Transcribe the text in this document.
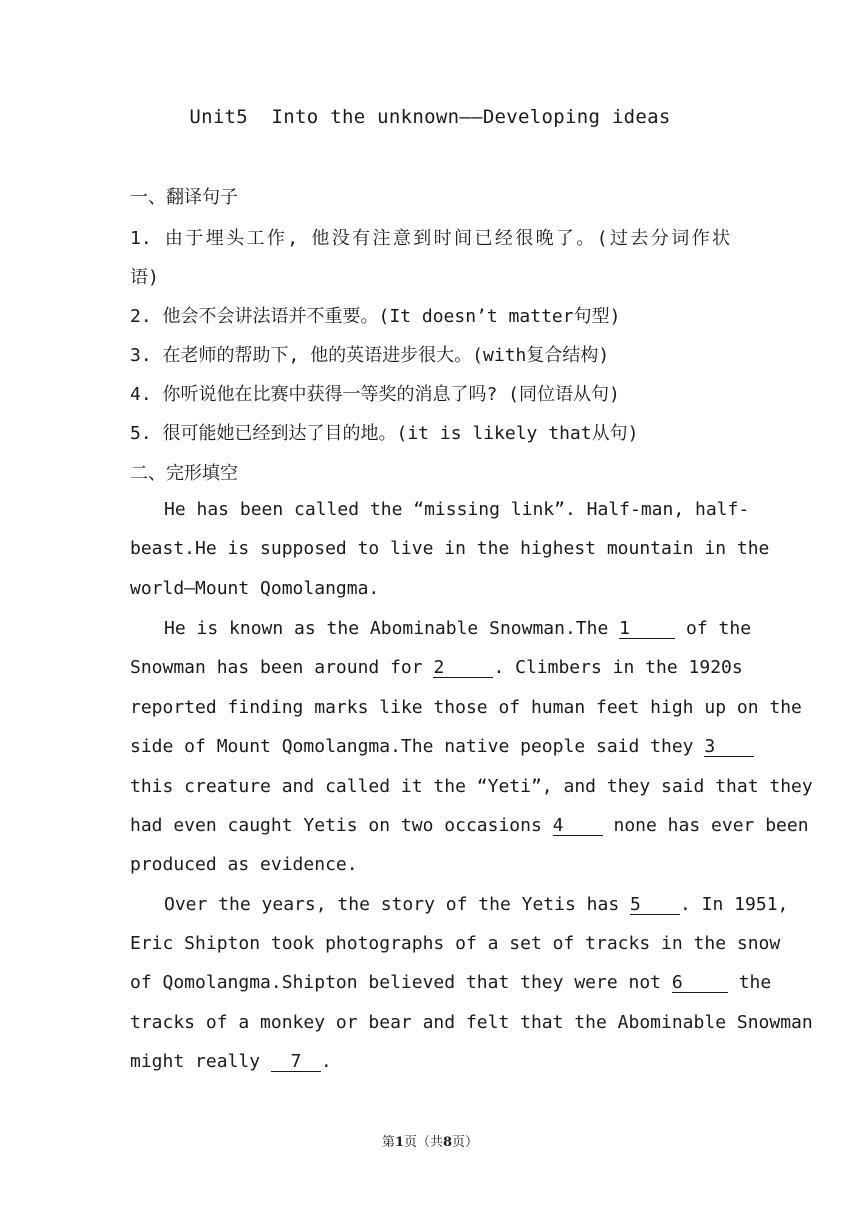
Unit5  Into the unknown——Developing ideas
一、翻译句子
1. 由于埋头工作, 他没有注意到时间已经很晚了。(过去分词作状
语)
2. 他会不会讲法语并不重要。(It doesn’t matter句型)
3. 在老师的帮助下, 他的英语进步很大。(with复合结构)
4. 你听说他在比赛中获得一等奖的消息了吗? (同位语从句)
5. 很可能她已经到达了目的地。(it is likely that从句)
二、完形填空
He has been called the “missing link”. Half-man, half-
beast.He is supposed to live in the highest mountain in the
world—Mount Qomolangma.
He is known as the Abominable Snowman.The 1	of the
Snowman has been around for 2	. Climbers in the 1920s
reported finding marks like those of human feet high up on the
side of Mount Qomolangma.The native people said they 3
this creature and called it the “Yeti”, and they said that they
had even caught Yetis on two occasions 4	none has ever been
produced as evidence.
Over the years, the story of the Yetis has 5 . In 1951,
Eric Shipton took photographs of a set of tracks in the snow
of Qomolangma.Shipton believed that they were not 6	the
tracks of a monkey or bear and felt that the Abominable Snowman
might really 7 .
第1页（共8页）
